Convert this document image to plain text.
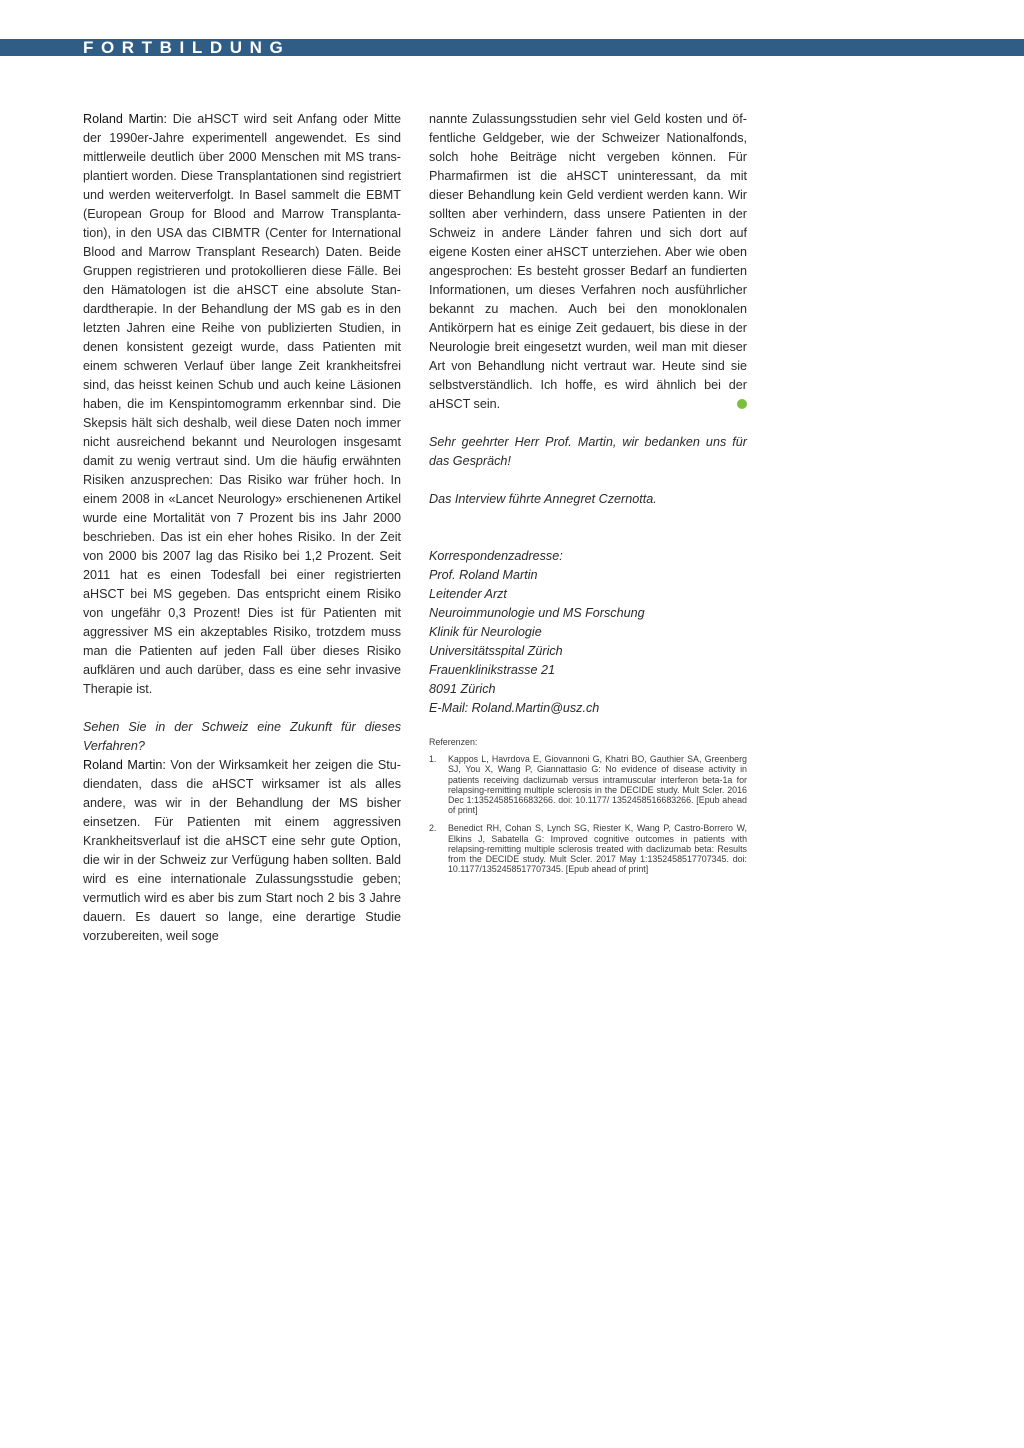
FORTBILDUNG

Roland Martin: Die aHSCT wird seit Anfang oder Mitte der 1990er-Jahre experimentell angewendet. Es sind mittlerweile deutlich über 2000 Menschen mit MS transplantiert worden. Diese Transplantationen sind registriert und werden weiterverfolgt. In Basel sammelt die EBMT (European Group for Blood and Marrow Transplantation), in den USA das CIBMTR (Center for International Blood and Marrow Transplant Research) Daten. Beide Gruppen registrieren und protokollieren diese Fälle. Bei den Hämatologen ist die aHSCT eine absolute Standardtherapie. In der Behandlung der MS gab es in den letzten Jahren eine Reihe von publizierten Studien, in denen konsistent gezeigt wurde, dass Patienten mit einem schweren Verlauf über lange Zeit krankheitsfrei sind, das heisst keinen Schub und auch keine Läsionen haben, die im Kenspintomogramm erkennbar sind. Die Skepsis hält sich deshalb, weil diese Daten noch immer nicht ausreichend bekannt und Neurologen insgesamt damit zu wenig vertraut sind. Um die häufig erwähnten Risiken anzusprechen: Das Risiko war früher hoch. In einem 2008 in «Lancet Neurology» erschienenen Artikel wurde eine Mortalität von 7 Prozent bis ins Jahr 2000 beschrieben. Das ist ein eher hohes Risiko. In der Zeit von 2000 bis 2007 lag das Risiko bei 1,2 Prozent. Seit 2011 hat es einen Todesfall bei einer registrierten aHSCT bei MS gegeben. Das entspricht einem Risiko von ungefähr 0,3 Prozent! Dies ist für Patienten mit aggressiver MS ein akzeptables Risiko, trotzdem muss man die Patienten auf jeden Fall über dieses Risiko aufklären und auch darüber, dass es eine sehr invasive Therapie ist.

Sehen Sie in der Schweiz eine Zukunft für dieses Verfahren?

Roland Martin: Von der Wirksamkeit her zeigen die Studiendaten, dass die aHSCT wirksamer ist als alles andere, was wir in der Behandlung der MS bisher einsetzen. Für Patienten mit einem aggressiven Krankheitsverlauf ist die aHSCT eine sehr gute Option, die wir in der Schweiz zur Verfügung haben sollten. Bald wird es eine internationale Zulassungsstudie geben; vermutlich wird es aber bis zum Start noch 2 bis 3 Jahre dauern. Es dauert so lange, eine derartige Studie vorzubereiten, weil soge

nannte Zulassungsstudien sehr viel Geld kosten und öffentliche Geldgeber, wie der Schweizer Nationalfonds, solch hohe Beiträge nicht vergeben können. Für Pharmafirmen ist die aHSCT uninteressant, da mit dieser Behandlung kein Geld verdient werden kann. Wir sollten aber verhindern, dass unsere Patienten in der Schweiz in andere Länder fahren und sich dort auf eigene Kosten einer aHSCT unterziehen. Aber wie oben angesprochen: Es besteht grosser Bedarf an fundierten Informationen, um dieses Verfahren noch ausführlicher bekannt zu machen. Auch bei den monoklonalen Antikörpern hat es einige Zeit gedauert, bis diese in der Neurologie breit eingesetzt wurden, weil man mit dieser Art von Behandlung nicht vertraut war. Heute sind sie selbstverständlich. Ich hoffe, es wird ähnlich bei der aHSCT sein.

Sehr geehrter Herr Prof. Martin, wir bedanken uns für das Gespräch!

Das Interview führte Annegret Czernotta.

Korrespondenzadresse:
Prof. Roland Martin
Leitender Arzt
Neuroimmunologie und MS Forschung
Klinik für Neurologie
Universitätsspital Zürich
Frauenklinikstrasse 21
8091 Zürich
E-Mail: Roland.Martin@usz.ch
Referenzen:
1.	Kappos L, Havrdova E, Giovannoni G, Khatri BO, Gauthier SA, Greenberg SJ, You X, Wang P, Giannattasio G: No evidence of disease activity in patients receiving daclizumab versus intramuscular interferon beta-1a for relapsing-remitting multiple sclerosis in the DECIDE study. Mult Scler. 2016 Dec 1:1352458516683266. doi: 10.1177/ 1352458516683266. [Epub ahead of print]
2.	Benedict RH, Cohan S, Lynch SG, Riester K, Wang P, Castro-Borrero W, Elkins J, Sabatella G: Improved cognitive outcomes in patients with relapsing-remitting multiple sclerosis treated with daclizumab beta: Results from the DECIDE study. Mult Scler. 2017 May 1:1352458517707345. doi: 10.1177/1352458517707345. [Epub ahead of print]
